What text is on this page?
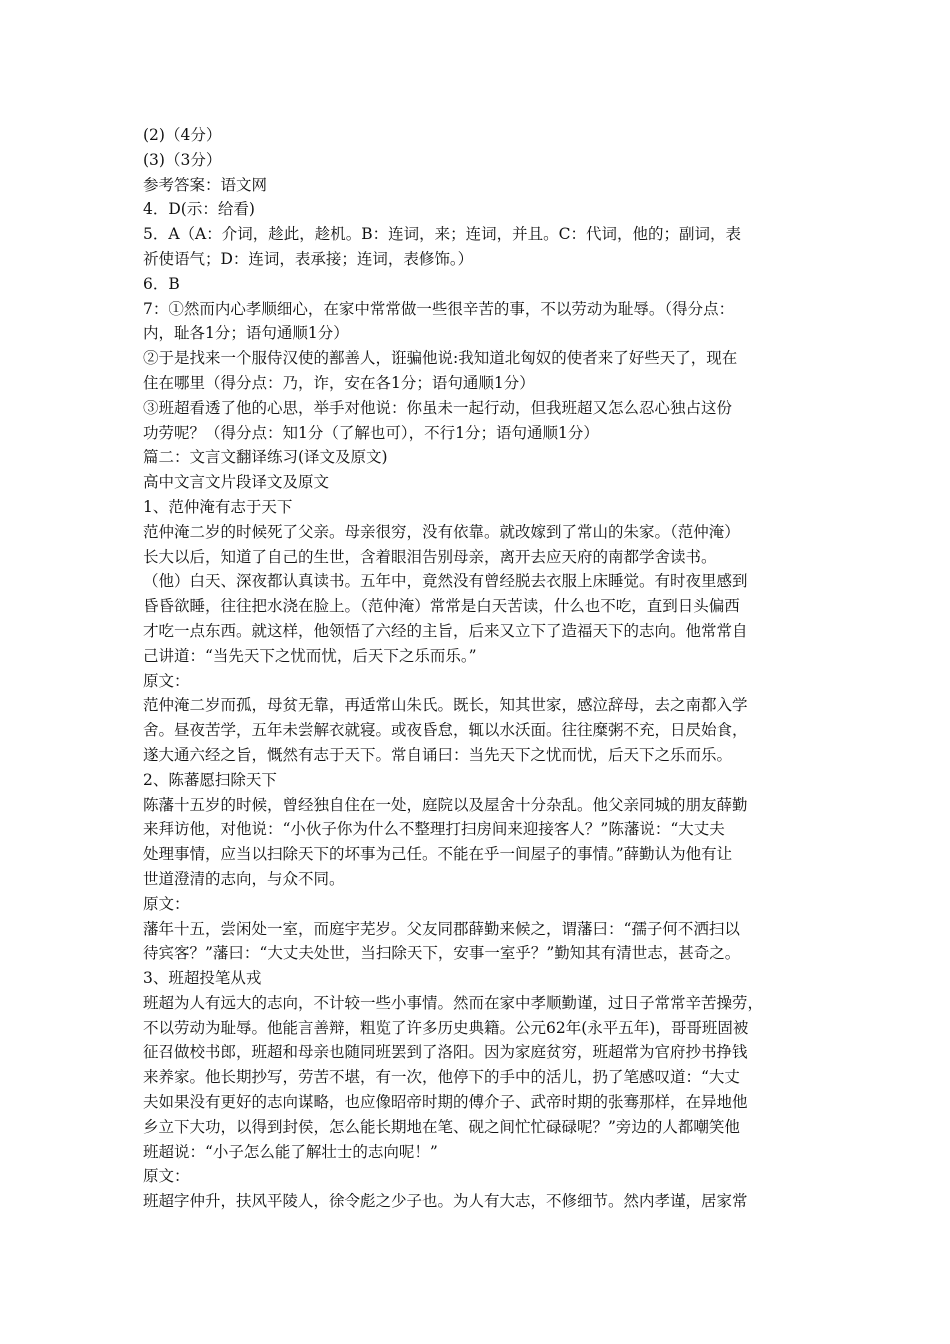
(2)（4分）
(3)（3分）
参考答案：语文网
4．D(示：给看)
5．A（A：介词，趁此，趁机。B：连词，来；连词，并且。C：代词，他的；副词，表
祈使语气；D：连词，表承接；连词，表修饰。）
6．B
7：①然而内心孝顺细心，在家中常常做一些很辛苦的事，不以劳动为耻辱。（得分点：
内，耻各1分；语句通顺1分）
②于是找来一个服侍汉使的鄯善人，诳骗他说:我知道北匈奴的使者来了好些天了，现在
住在哪里（得分点：乃，诈，安在各1分；语句通顺1分）
③班超看透了他的心思，举手对他说：你虽未一起行动，但我班超又怎么忍心独占这份
功劳呢？（得分点：知1分（了解也可），不行1分；语句通顺1分）
篇二：文言文翻译练习(译文及原文)
高中文言文片段译文及原文
1、范仲淹有志于天下
范仲淹二岁的时候死了父亲。母亲很穷，没有依靠。就改嫁到了常山的朱家。（范仲淹）
长大以后，知道了自己的生世，含着眼泪告别母亲，离开去应天府的南都学舍读书。
（他）白天、深夜都认真读书。五年中，竟然没有曾经脱去衣服上床睡觉。有时夜里感到
昏昏欲睡，往往把水浇在脸上。（范仲淹）常常是白天苦读，什么也不吃，直到日头偏西
才吃一点东西。就这样，他领悟了六经的主旨，后来又立下了造福天下的志向。他常常自
己讲道：“当先天下之忧而忧，后天下之乐而乐。”
原文：
范仲淹二岁而孤，母贫无靠，再适常山朱氏。既长，知其世家，感泣辞母，去之南都入学
舍。昼夜苦学，五年未尝解衣就寝。或夜昏怠，辄以水沃面。往往糜粥不充，日昃始食，
遂大通六经之旨，慨然有志于天下。常自诵曰：当先天下之忧而忧，后天下之乐而乐。
2、陈蕃愿扫除天下
陈藩十五岁的时候，曾经独自住在一处，庭院以及屋舍十分杂乱。他父亲同城的朋友薛勤
来拜访他，对他说：“小伙子你为什么不整理打扫房间来迎接客人？”陈藩说：“大丈夫
处理事情，应当以扫除天下的坏事为己任。不能在乎一间屋子的事情。”薛勤认为他有让
世道澄清的志向，与众不同。
原文：
藩年十五，尝闲处一室，而庭宇芜岁。父友同郡薛勤来候之，谓藩曰：“孺子何不洒扫以
待宾客？”藩曰：“大丈夫处世，当扫除天下，安事一室乎？”勤知其有清世志，甚奇之。
3、班超投笔从戎
班超为人有远大的志向，不计较一些小事情。然而在家中孝顺勤谨，过日子常常辛苦操劳，
不以劳动为耻辱。他能言善辩，粗览了许多历史典籍。公元62年(永平五年)，哥哥班固被
征召做校书郎，班超和母亲也随同班罢到了洛阳。因为家庭贫穷，班超常为官府抄书挣钱
来养家。他长期抄写，劳苦不堪，有一次，他停下的手中的活儿，扔了笔感叹道：“大丈
夫如果没有更好的志向谋略，也应像昭帝时期的傅介子、武帝时期的张骞那样，在异地他
乡立下大功，以得到封侯，怎么能长期地在笔、砚之间忙忙碌碌呢？”旁边的人都嘲笑他
班超说：“小子怎么能了解壮士的志向呢！”
原文：
班超字仲升，扶风平陵人，徐令彪之少子也。为人有大志，不修细节。然内孝谨，居家常
